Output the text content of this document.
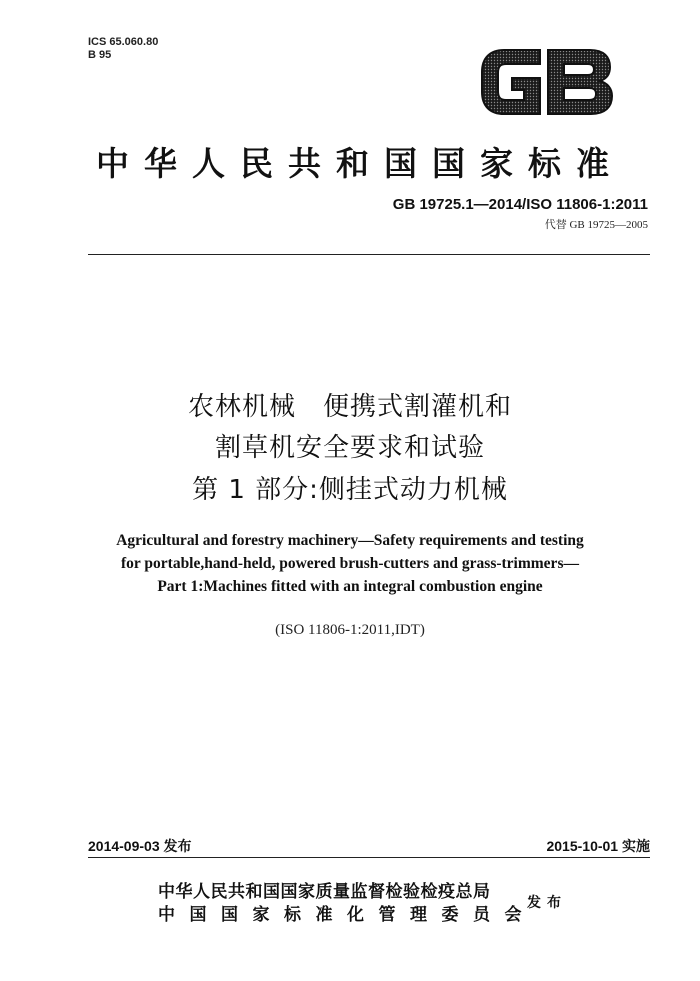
ICS 65.060.80
B 95
中华人民共和国国家标准
GB 19725.1—2014/ISO 11806-1:2011
代替 GB 19725—2005
农林机械　便携式割灌机和
割草机安全要求和试验
第 1 部分:侧挂式动力机械
Agricultural and forestry machinery—Safety requirements and testing
for portable,hand-held, powered brush-cutters and grass-trimmers—
Part 1:Machines fitted with an integral combustion engine
(ISO 11806-1:2011,IDT)
2014-09-03 发布	2015-10-01 实施
中华人民共和国国家质量监督检验检疫总局
中国国家标准化管理委员会
发布
